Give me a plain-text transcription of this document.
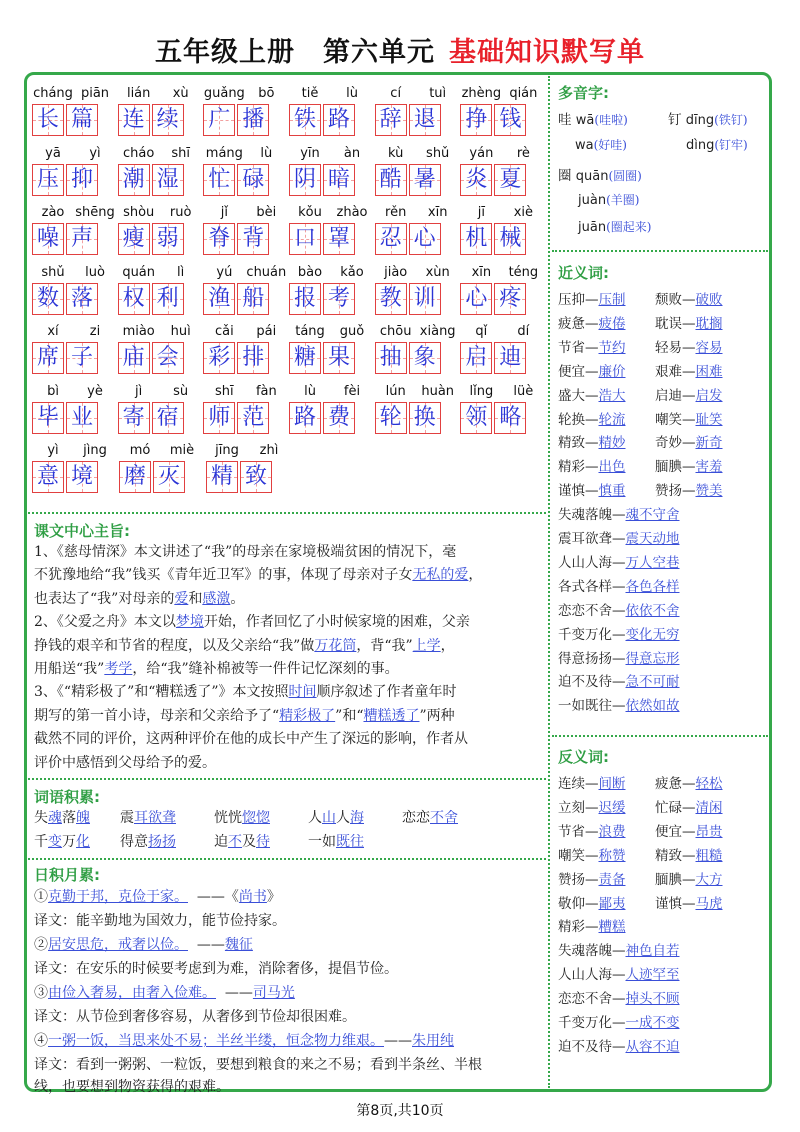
五年级上册　第六单元 基础知识默写单
cháng piān
长 篇
lián	xù
连 续
guǎng	bō
广 播
tiě	lù
铁 路
cí	tuì
辞 退
zhèng qián
挣 钱
yā	yì
压 抑
cháo	shī
潮 湿
máng	lù
忙 碌
yīn	àn
阴 暗
kù	shǔ
酷 暑
yán	rè
炎 夏
zào shēng
噪 声
shòu	ruò
瘦 弱
jǐ	bèi
脊 背
kǒu	zhào
口 罩
rěn	xīn
忍 心
jī	xiè
机 械
shǔ	luò
数 落
quán	lì
权 利
yú	chuán
渔 船
bào	kǎo
报 考
jiào	xùn
教 训
xīn	téng
心 疼
xí	zi
席 子
miào	huì
庙 会
cǎi	pái
彩 排
táng	guǒ
糖 果
chōu xiàng
抽 象
qǐ	dí
启 迪
bì	yè
毕 业
jì	sù
寄 宿
shī	fàn
师 范
lù	fèi
路 费
lún	huàn
轮 换
lǐng	lüè
领 略
yì	jìng
意 境
mó	miè
磨 灭
jīng	zhì
精 致
课文中心主旨:
1、《慈母情深》本文讲述了“我”的母亲在家境极端贫困的情况下，毫
不犹豫地给“我”钱买《青年近卫军》的事，体现了母亲对子女无私的爱，
也表达了“我”对母亲的爱和感激。
2、《父爱之舟》本文以梦境开始，作者回忆了小时候家境的困难，父亲
挣钱的艰辛和节省的程度，以及父亲给“我”做万花筒，背“我”上学，
用船送“我”考学，给“我”缝补棉被等一件件记忆深刻的事。
3、《“精彩极了”和“糟糕透了”》本文按照时间顺序叙述了作者童年时
期写的第一首小诗，母亲和父亲给予了“精彩极了”和“糟糕透了”两种
截然不同的评价，这两种评价在他的成长中产生了深远的影响，作者从
评价中感悟到父母给予的爱。
词语积累:
失魂落魄 震耳欲聋	恍恍惚惚	人山人海	恋恋不舍
千变万化 得意扬扬	迫不及待	一如既往
日积月累:
①克勤于邦，克俭于家。 ——《尚书》
译文：能辛勤地为国效力，能节俭持家。
②居安思危，戒奢以俭。 ——魏征
译文：在安乐的时候要考虑到为难，消除奢侈，提倡节俭。
③由俭入奢易，由奢入俭难。 ——司马光
译文：从节俭到奢侈容易，从奢侈到节俭却很困难。
④一粥一饭，当思来处不易；半丝半缕，恒念物力维艰。——朱用纯
译文：看到一粥粥、一粒饭，要想到粮食的来之不易；看到半条丝、半根
线，也要想到物资获得的艰难。
多音字:
哇 wā(哇啦)
wa(好哇)
钉 dīng(铁钉)
dìng(钉牢)
圈 quān(圆圈)
juàn(羊圈)
juān(圈起来)
近义词:
压抑—压制 颓败—破败
疲惫—疲倦 耽误—耽搁
节省—节约 轻易—容易
便宜—廉价 艰难—困难
盛大—浩大 启迪—启发
轮换—轮流 嘲笑—耻笑
精致—精妙 奇妙—新奇
精彩—出色 腼腆—害羞
谨慎—慎重 赞扬—赞美
失魂落魄—魂不守舍
震耳欲聋—震天动地
人山人海—万人空巷
各式各样—各色各样
恋恋不舍—依依不舍
千变万化—变化无穷
得意扬扬—得意忘形
迫不及待—急不可耐
一如既往—依然如故
反义词:
连续—间断 疲惫—轻松
立刻—迟缓 忙碌—清闲
节省—浪费 便宜—昂贵
嘲笑—称赞 精致—粗糙
赞扬—责备 腼腆—大方
敬仰—鄙夷 谨慎—马虎
精彩—糟糕
失魂落魄—神色自若
人山人海—人迹罕至
恋恋不舍—掉头不顾
千变万化—一成不变
迫不及待—从容不迫
第8页,共10页
